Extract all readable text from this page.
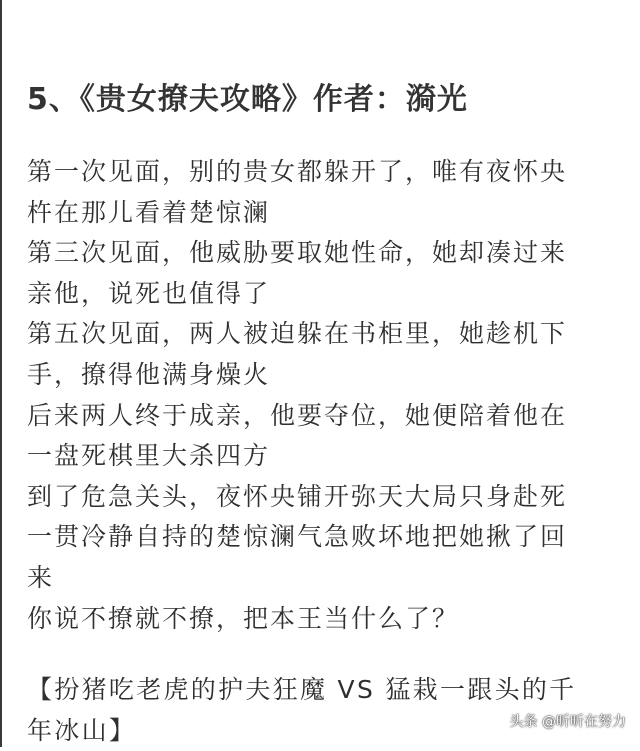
5、《贵女撩夫攻略》作者：漪光
第一次见面，别的贵女都躲开了，唯有夜怀央
杵在那儿看着楚惊澜
第三次见面，他威胁要取她性命，她却凑过来
亲他，说死也值得了
第五次见面，两人被迫躲在书柜里，她趁机下
手，撩得他满身燥火
后来两人终于成亲，他要夺位，她便陪着他在
一盘死棋里大杀四方
到了危急关头，夜怀央铺开弥天大局只身赴死
一贯冷静自持的楚惊澜气急败坏地把她揪了回
来
你说不撩就不撩，把本王当什么了？
【扮猪吃老虎的护夫狂魔 VS 猛栽一跟头的千
年冰山】	头条 @昕昕在努力
